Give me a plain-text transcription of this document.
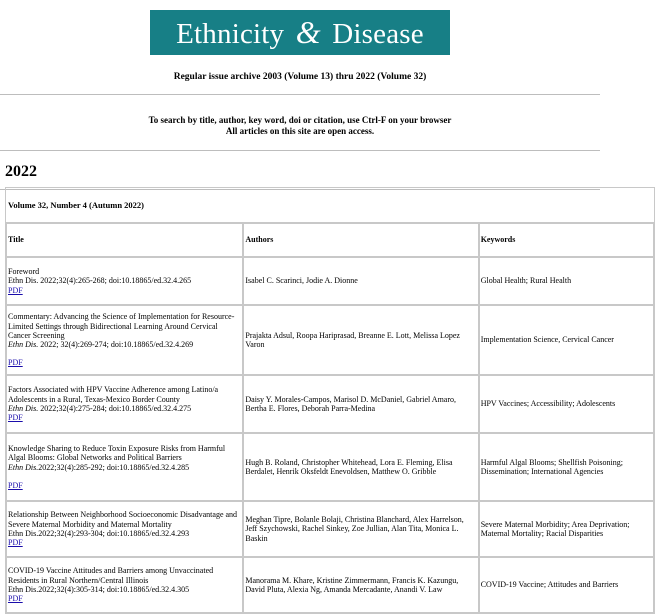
Ethnicity & Disease
Regular issue archive 2003 (Volume 13) thru 2022 (Volume 32)
To search by title, author, key word, doi or citation, use Ctrl-F on your browser
All articles on this site are open access.
2022
Volume 32, Number 4 (Autumn 2022)		
Title	Authors	Keywords
Foreword
Ethn Dis. 2022;32(4):265-268; doi:10.18865/ed.32.4.265
PDF	Isabel C. Scarinci, Jodie A. Dionne	Global Health; Rural Health
Commentary: Advancing the Science of Implementation for Resource-Limited Settings through Bidirectional Learning Around Cervical Cancer Screening
Ethn Dis. 2022; 32(4):269-274; doi:10.18865/ed.32.4.269
PDF	Prajakta Adsul, Roopa Hariprasad, Breanne E. Lott, Melissa Lopez Varon	Implementation Science, Cervical Cancer
Factors Associated with HPV Vaccine Adherence among Latino/a Adolescents in a Rural, Texas-Mexico Border County
Ethn Dis. 2022;32(4):275-284; doi:10.18865/ed.32.4.275
PDF	Daisy Y. Morales-Campos, Marisol D. McDaniel, Gabriel Amaro, Bertha E. Flores, Deborah Parra-Medina	HPV Vaccines; Accessibility; Adolescents
Knowledge Sharing to Reduce Toxin Exposure Risks from Harmful Algal Blooms: Global Networks and Political Barriers
Ethn Dis.2022;32(4):285-292; doi:10.18865/ed.32.4.285
PDF	Hugh B. Roland, Christopher Whitehead, Lora E. Fleming, Elisa Berdalet, Henrik Oksfeldt Enevoldsen, Matthew O. Gribble	Harmful Algal Blooms; Shellfish Poisoning; Dissemination; International Agencies
Relationship Between Neighborhood Socioeconomic Disadvantage and Severe Maternal Morbidity and Maternal Mortality
Ethn Dis.2022;32(4):293-304; doi:10.18865/ed.32.4.293
PDF	Meghan Tipre, Bolanle Bolaji, Christina Blanchard, Alex Harrelson, Jeff Szychowski, Rachel Sinkey, Zoe Jullian, Alan Tita, Monica L. Baskin	Severe Maternal Morbidity; Area Deprivation; Maternal Mortality; Racial Disparities
COVID-19 Vaccine Attitudes and Barriers among Unvaccinated Residents in Rural Northern/Central Illinois
Ethn Dis.2022;32(4):305-314; doi:10.18865/ed.32.4.305
PDF	Manorama M. Khare, Kristine Zimmermann, Francis K. Kazungu, David Pluta, Alexia Ng, Amanda Mercadante, Anandi V. Law	COVID-19 Vaccine; Attitudes and Barriers
